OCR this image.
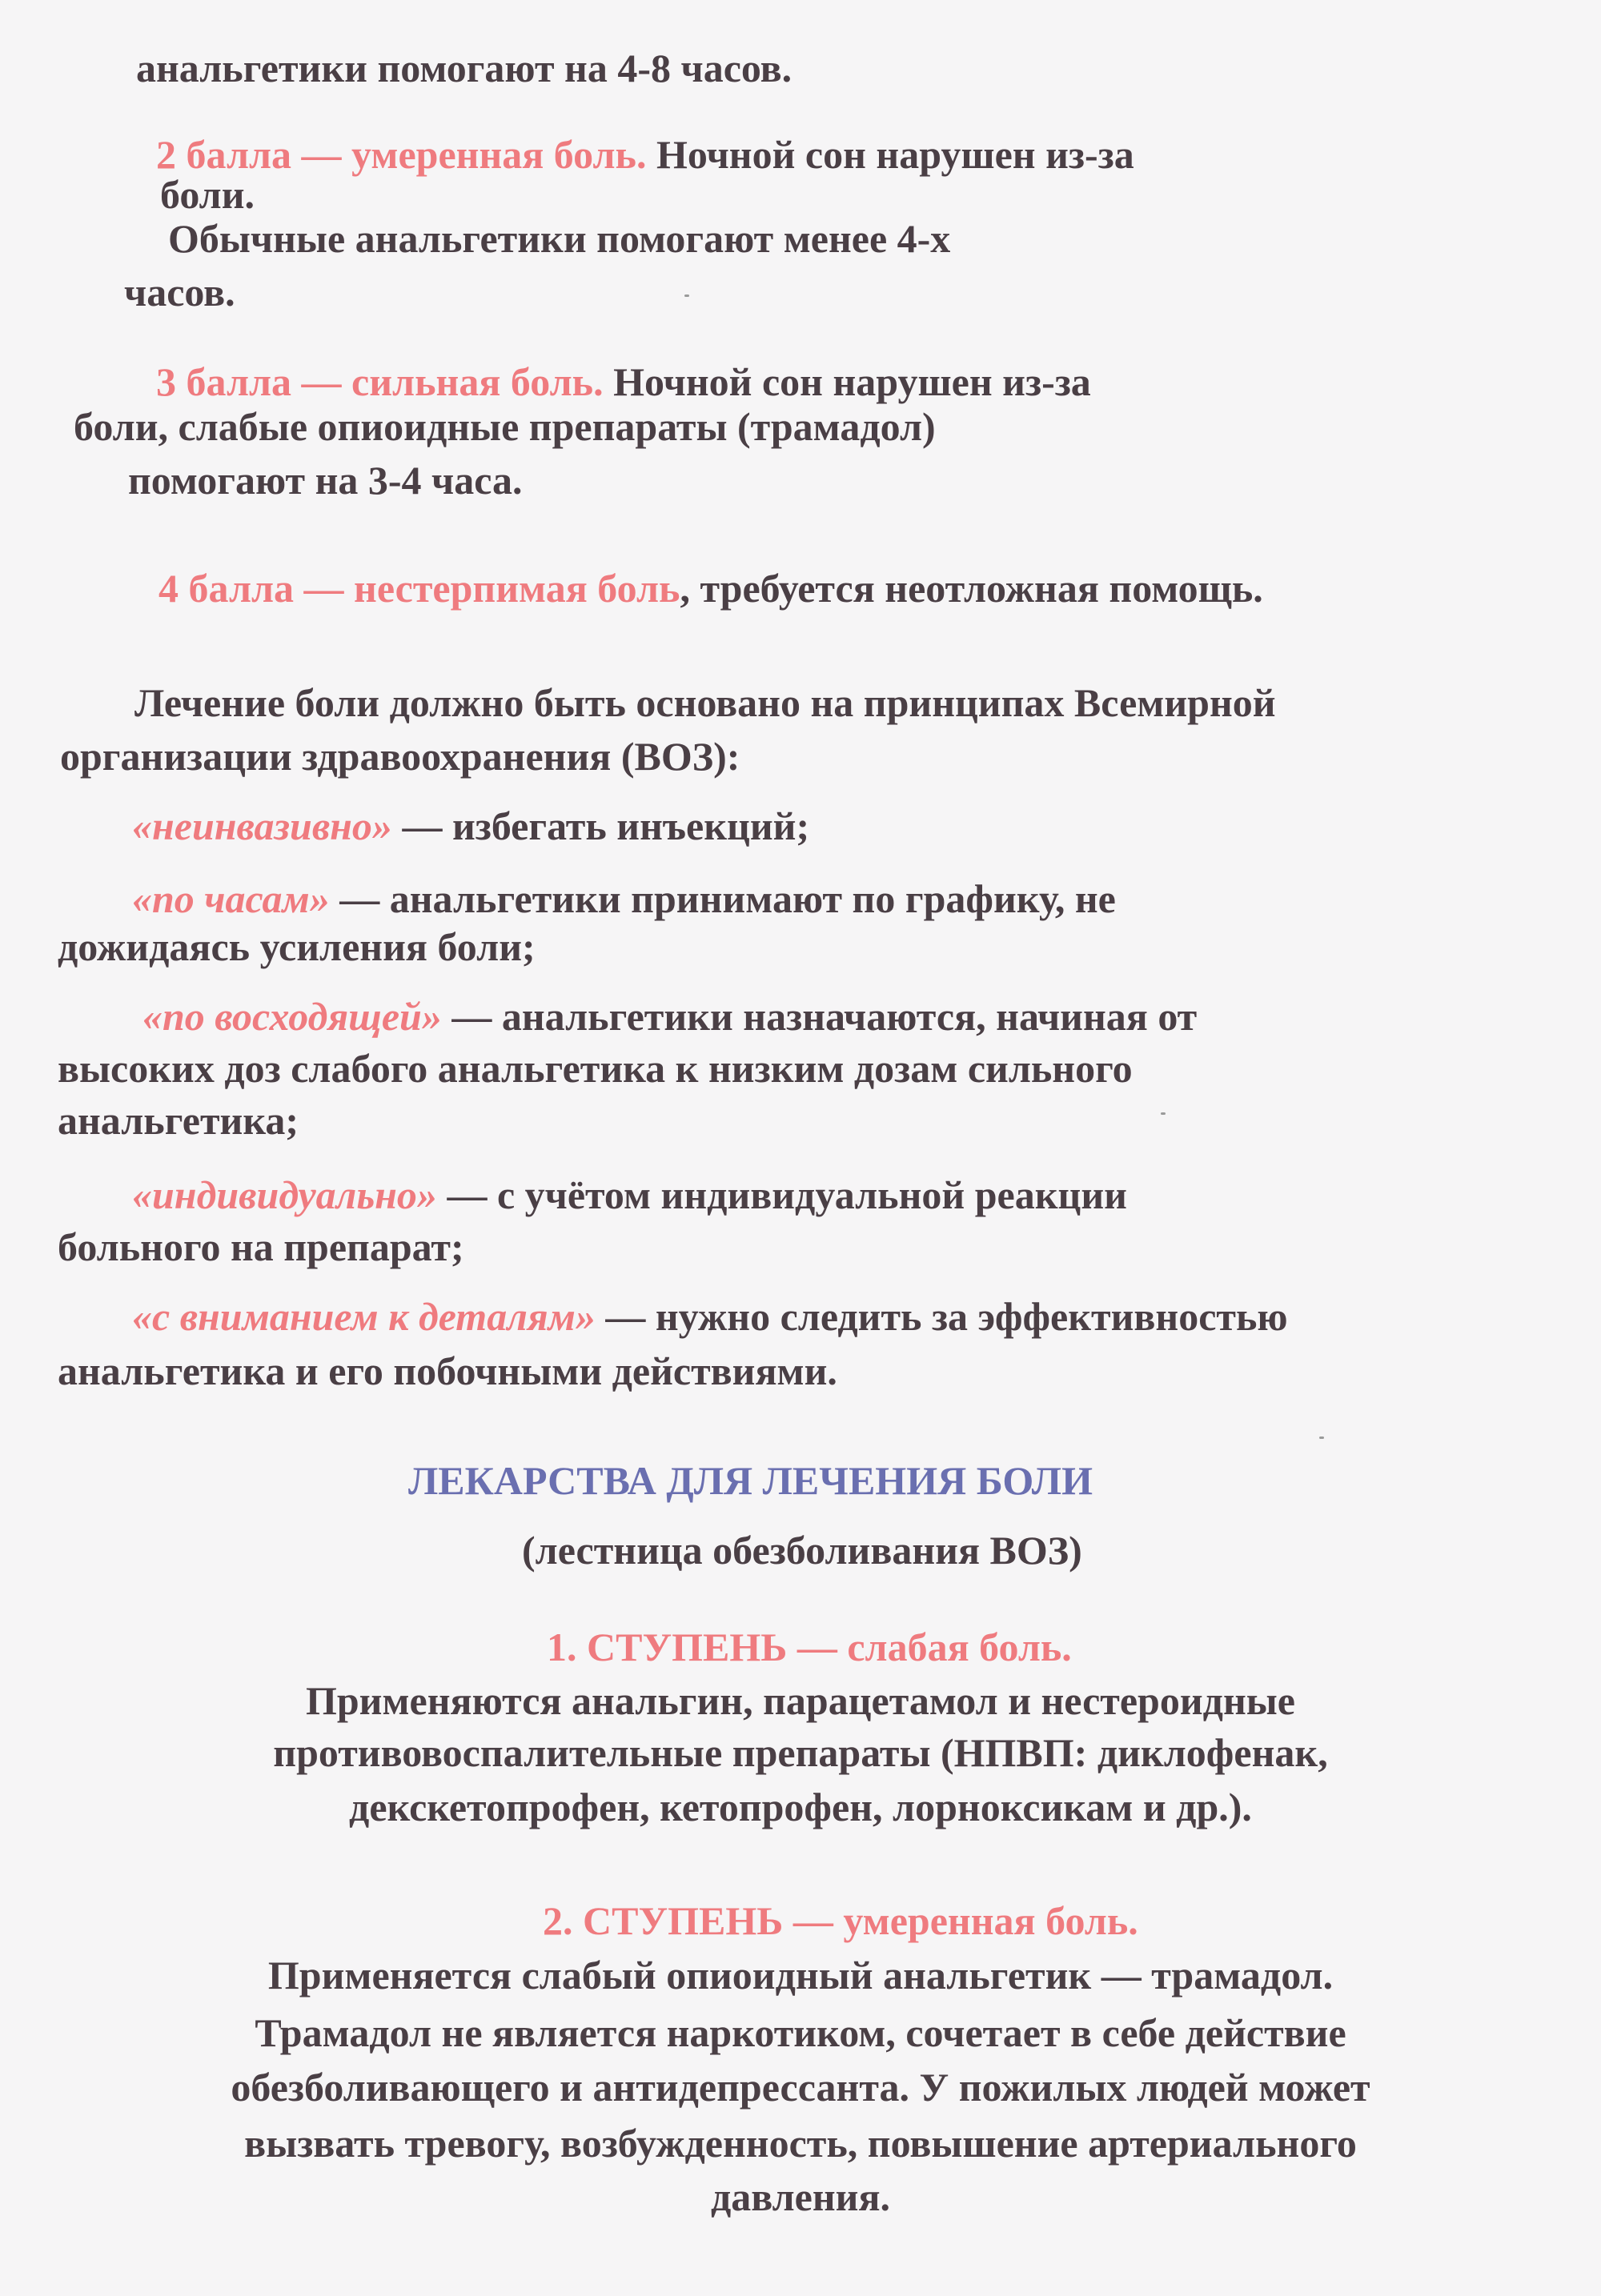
анальгетики помогают на 4-8 часов.
2 балла — умеренная боль. Ночной сон нарушен из-за
боли.
Обычные анальгетики помогают менее 4-х
часов.
3 балла — сильная боль. Ночной сон нарушен из-за
боли, слабые опиоидные препараты (трамадол)
помогают на 3-4 часа.
4 балла — нестерпимая боль, требуется неотложная помощь.
Лечение боли должно быть основано на принципах Всемирной
организации здравоохранения (ВОЗ):
«неинвазивно» — избегать инъекций;
«по часам» — анальгетики принимают по графику, не
дожидаясь усиления боли;
«по восходящей» — анальгетики назначаются, начиная от
высоких доз слабого анальгетика к низким дозам сильного
анальгетика;
«индивидуально» — с учётом индивидуальной реакции
больного на препарат;
«с вниманием к деталям» — нужно следить за эффективностью
анальгетика и его побочными действиями.
ЛЕКАРСТВА ДЛЯ ЛЕЧЕНИЯ БОЛИ
(лестница обезболивания ВОЗ)
1. СТУПЕНЬ — слабая боль.
Применяются анальгин, парацетамол и нестероидные
противовоспалительные препараты (НПВП: диклофенак,
декскетопрофен, кетопрофен, лорноксикам и др.).
2. СТУПЕНЬ — умеренная боль.
Применяется слабый опиоидный анальгетик — трамадол.
Трамадол не является наркотиком, сочетает в себе действие
обезболивающего и антидепрессанта. У пожилых людей может
вызвать тревогу, возбужденность, повышение артериального
давления.
